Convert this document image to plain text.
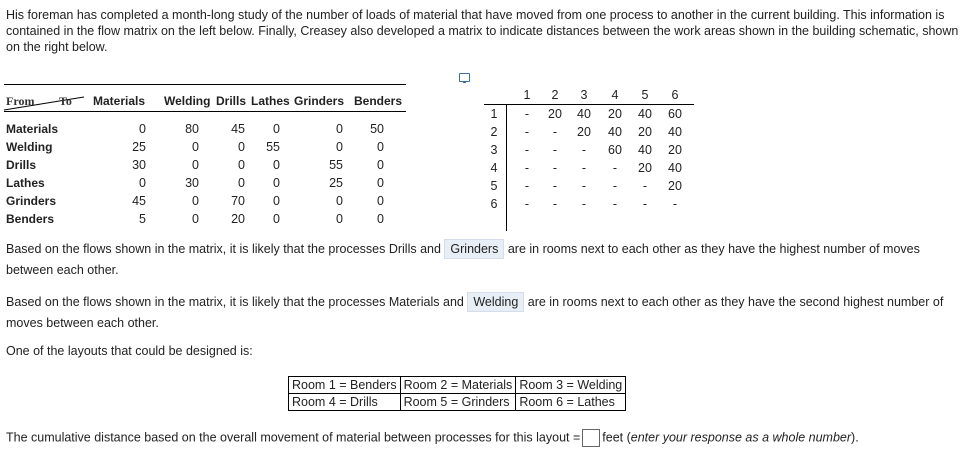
His foreman has completed a month-long study of the number of loads of material that have moved from one process to another in the current building. This information is contained in the flow matrix on the left below. Finally, Creasey also developed a matrix to indicate distances between the work areas shown in the building schematic, shown on the right below.
From To Materials Welding Drills Lathes Grinders Benders
Materials	0	80	45	0	0	50
Welding	25	0	0	55	0	0
Drills	30	0	0	0	55	0
Lathes	0	30	0	0	25	0
Grinders	45	0	70	0	0	0
Benders	5	0	20	0	0	0
1	2	3	4	5	6
1	-	20	40	20	40	60
2	-	-	20	40	20	40
3	-	-	-	60	40	20
4	-	-	-	-	20	40
5	-	-	-	-	-	20
6	-	-	-	-	-	-
Based on the flows shown in the matrix, it is likely that the processes Drills and Grinders are in rooms next to each other as they have the highest number of moves between each other.
Based on the flows shown in the matrix, it is likely that the processes Materials and Welding are in rooms next to each other as they have the second highest number of moves between each other.
One of the layouts that could be designed is:
Room 1 = Benders	Room 2 = Materials	Room 3 = Welding
Room 4 = Drills	Room 5 = Grinders	Room 6 = Lathes
The cumulative distance based on the overall movement of material between processes for this layout = feet (enter your response as a whole number).
